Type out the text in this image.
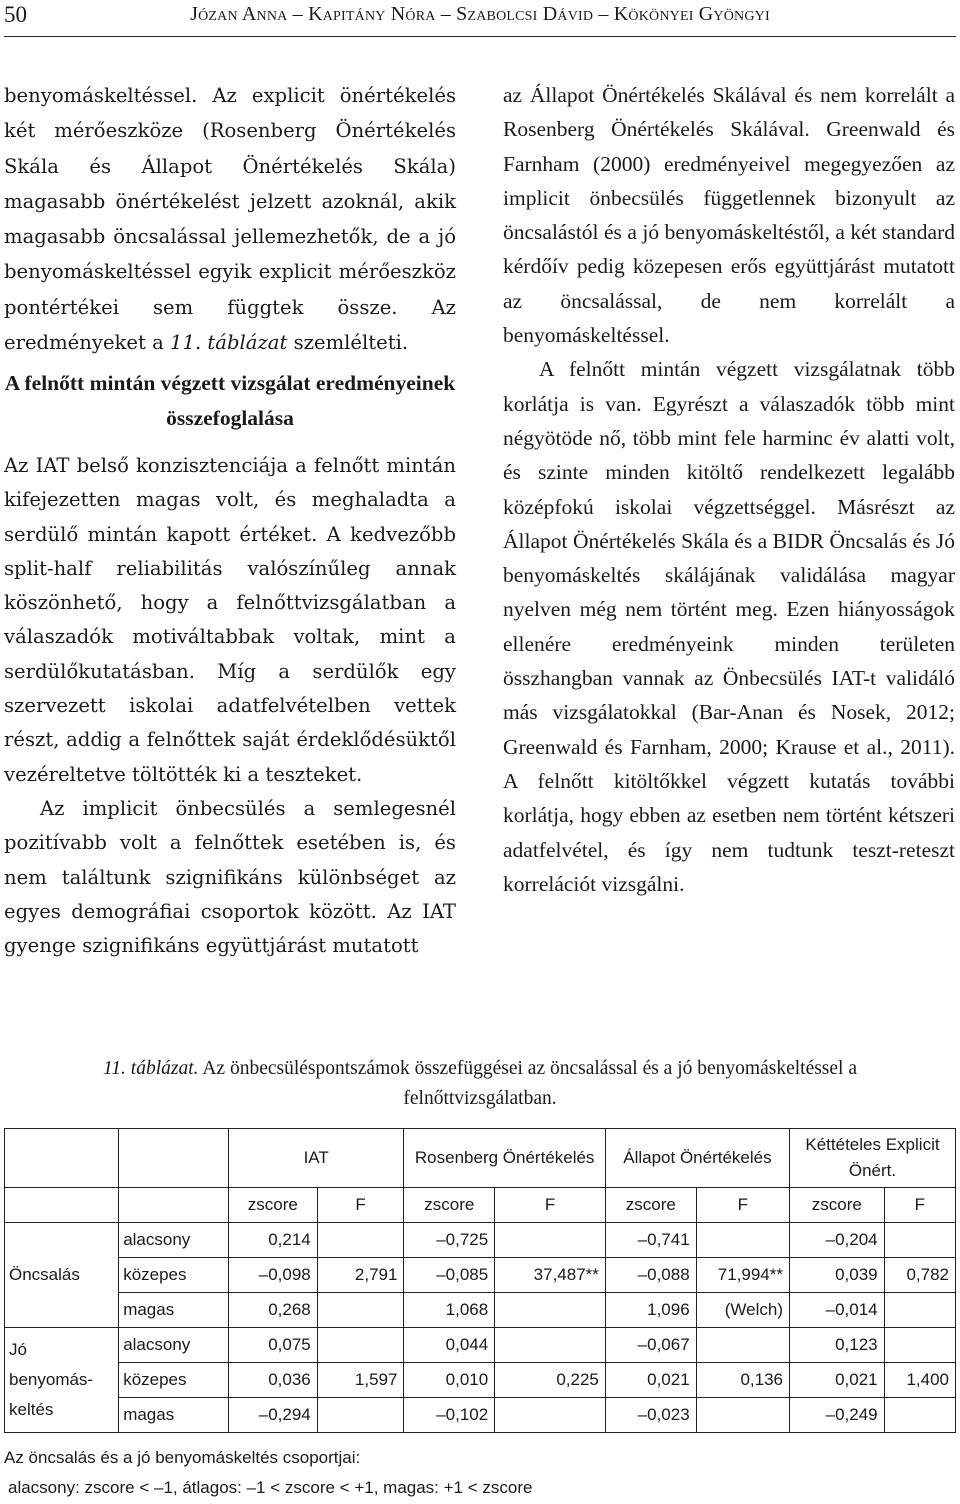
50	Józan Anna – Kapitány Nóra – Szabolcsi Dávid – Kökönyei Gyöngyi

benyomáskeltéssel. Az explicit önértékelés két mérőeszköze (Rosenberg Önértékelés Skála és Állapot Önértékelés Skála) magasabb önértékelést jelzett azoknál, akik magasabb öncsalással jellemezhetők, de a jó benyomáskeltéssel egyik explicit mérőeszköz pontértékei sem függtek össze. Az eredményeket a 11. táblázat szemlélteti.

A felnőtt mintán végzett vizsgálat eredményeinek összefoglalása

Az IAT belső konzisztenciája a felnőtt mintán kifejezetten magas volt, és meghaladta a serdülő mintán kapott értéket. A kedvezőbb split-half reliabilitás valószínűleg annak köszönhető, hogy a felnőttvizsgálatban a válaszadók motiváltabbak voltak, mint a serdülőkutatásban. Míg a serdülők egy szervezett iskolai adatfelvételben vettek részt, addig a felnőttek saját érdeklődésüktől vezéreltetve töltötték ki a teszteket.

Az implicit önbecsülés a semlegesnél pozitívabb volt a felnőttek esetében is, és nem találtunk szignifikáns különbséget az egyes demográfiai csoportok között. Az IAT gyenge szignifikáns együttjárást mutatott

az Állapot Önértékelés Skálával és nem korrelált a Rosenberg Önértékelés Skálával. Greenwald és Farnham (2000) eredményeivel megegyezően az implicit önbecsülés függetlennek bizonyult az öncsalástól és a jó benyomáskeltéstől, a két standard kérdőív pedig közepesen erős együttjárást mutatott az öncsalással, de nem korrelált a benyomáskeltéssel.

A felnőtt mintán végzett vizsgálatnak több korlátja is van. Egyrészt a válaszadók több mint négyötöde nő, több mint fele harminc év alatti volt, és szinte minden kitöltő rendelkezett legalább középfokú iskolai végzettséggel. Másrészt az Állapot Önértékelés Skála és a BIDR Öncsalás és Jó benyomáskeltés skálájának validálása magyar nyelven még nem történt meg. Ezen hiányosságok ellenére eredményeink minden területen összhangban vannak az Önbecsülés IAT-t validáló más vizsgálatokkal (Bar-Anan és Nosek, 2012; Greenwald és Farnham, 2000; Krause et al., 2011). A felnőtt kitöltőkkel végzett kutatás további korlátja, hogy ebben az esetben nem történt kétszeri adatfelvétel, és így nem tudtunk teszt-reteszt korrelációt vizsgálni.

11. táblázat. Az önbecsüléspontszámok összefüggései az öncsalással és a jó benyomáskeltéssel a felnőttvizsgálatban.
		IAT		Rosenberg Önértékelés		Állapot Önértékelés		Kéttételes Explicit Önért.	
		zscore	F	zscore	F	zscore	F	zscore	F
Öncsalás	alacsony	0,214		–0,725		–0,741		–0,204	
	közepes	–0,098	2,791	–0,085	37,487**	–0,088	71,994**	0,039	0,782
	magas	0,268		1,068		1,096	(Welch)	–0,014	
Jó benyomás-keltés	alacsony	0,075		0,044		–0,067		0,123	
	közepes	0,036	1,597	0,010	0,225	0,021	0,136	0,021	1,400
	magas	–0,294		–0,102		–0,023		–0,249	
Az öncsalás és a jó benyomáskeltés csoportjai:
alacsony: zscore < –1, átlagos: –1 < zscore < +1, magas: +1 < zscore
